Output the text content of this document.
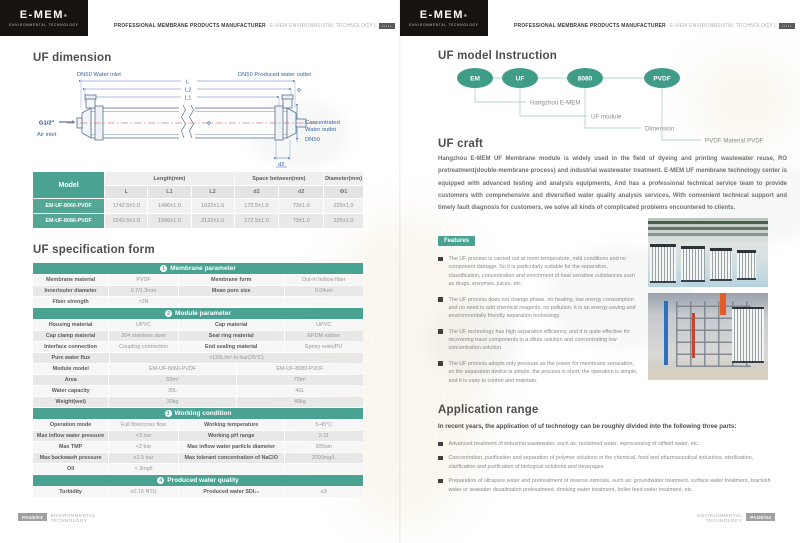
E-MEM®
ENVIRONMENTAL TECHNOLOGY	PROFESSIONAL MEMBRANE PRODUCTS MANUFACTURER E-MEM ENVIRONMENTAL TECHNOLOGY |	▪▪▪▪▪
UF dimension
DN50 Water inlet	DN50 Produced water outlet
L
L2
L1
G1/2"
Air inlet
Concentrated
Water outlet
DN50
d2
Φ
Φ
Model
Length(mm)	Space between(mm)	Diameter(mm)
L	L1	L2	d2	d2	Φ1
EM-UF-8060-PVDF	1742.5±1.0	1496±1.0	1622±1.0	172.5±1.0	73±1.0	225±1.0
EM-UF-8080-PVDF	2242.5±1.0	1996±1.0	2122±1.0	172.5±1.0	73±1.0	225±1.0
UF specification form
1 Membrane parameter
Membrane material	PVDF	Membrane form	Out-in hollow fiber
Inner/outer diameter	0.7/1.3mm	Mean pore size	0.04um
Fiber strength	>3N
2 Module parameter
Housing material	UPVC	Cap material	UPVC
Cap clamp material	304 stainless steel	Seal ring material	EPDM rubber
Interface connection	Coupling connection	End sealing material	Epoxy resin/PU
Pure water flux	>120L/m²·hr·bar(25°C)
Module model	EM-UF-8060-PVDF	EM-UF-8080-PVDF
Area	50m²	70m²
Water capacity	30L	40L
Weight(wet)	30kg	40kg
3 Working condition
Operation mode	Full flow/cross flow	Working temperature	5-45°C
Max inflow water pressure	<3 bar	Working pH range	2-11
Max TMP	<2 bar	Max inflow water particle diameter	300um
Max backwash pressure	≤1.5 bar	Max tolerant concentration of NaClO	2000mg/L
Oil	< 3mg/l
4 Produced water quality
Turbidity	≤0.15 NTU	Produced water SDI₁₅	≤3
PAGE/03	ENVIRONMENTAL
TECHNOLOGY
E-MEM®
ENVIRONMENTAL TECHNOLOGY	PROFESSIONAL MEMBRANE PRODUCTS MANUFACTURER E-MEM ENVIRONMENTAL TECHNOLOGY |	▪▪▪▪▪
UF model Instruction
EM	UF	8080	PVDF
Hangzhou E-MEM
UF module
Dimension
PVDF Material PVDF
UF craft
Hangzhou E-MEM UF Membrane module is widely used in the field of dyeing and printing wastewater reuse, RO pretreatment(double-membrane process) and industrial wastewater treatment. E-MEM UF membrane technology center is equipped with advanced testing and analysis equipments, And has a professional technical service team to provide customers with comprehensive and diversified water quality analysis services, With convenient technical support and timely fault diagnosis for customers, we solve all kinds of complicated problems encountered to clients.
Features
The UF process is carried out at room temperature, mild conditions and no component damage. So it is particularly suitable for the separation, classification, concentration and enrichment of heat sensitive substances such as drugs, enzymes, juices, etc.
The UF process does not change phase, no heating, low energy consumption and no need to add chemical reagents, no pollution, It is an energy-saving and environmentally friendly separation technology.
The UF technology has high separation efficiency, and it is quite effective for recovering trace components in a dilute solution and concentrating low concentration solution.
The UF process adopts only pressure as the power for membrane separation, so the separation device is simple, the process is short, the operation is simple, and it is easy to control and maintain.
Application range
In recent years, the application of uf technology can be roughly divided into the following three parts:
Advanced treatment of industrial wastewater, such as: reclaimed water, reprocessing of oilfield water, etc.
Concentration, purification and separation of polymer solutions in the chemical, food and pharmaceutical industries, sterilization, clarification and purification of biological solutions and beverages.
Preparation of ultrapure water and pretreatment of reverse osmosis, such as: groundwater treatment, surface water treatment, brackish water or seawater desalination pretreatment, drinking water treatment, boiler feed water treatment, etc.
ENVIRONMENTAL
TECHNOLOGY
PAGE/04
